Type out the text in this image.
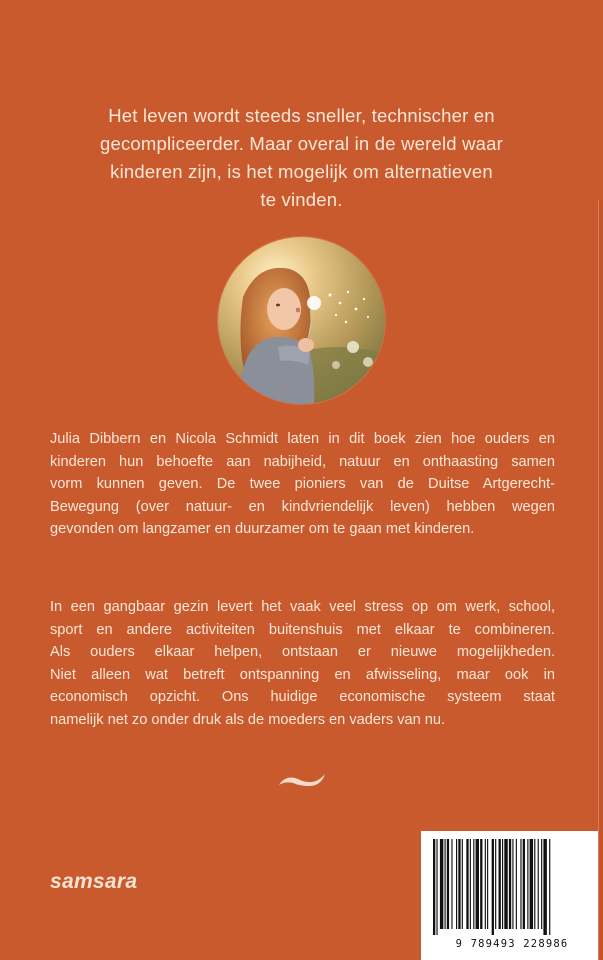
Het leven wordt steeds sneller, technischer en
gecompliceerder. Maar overal in de wereld waar
kinderen zijn, is het mogelijk om alternatieven
te vinden.
Julia Dibbern en Nicola Schmidt laten in dit boek zien hoe ouders en
kinderen hun behoefte aan nabijheid, natuur en onthaasting samen
vorm kunnen geven. De twee pioniers van de Duitse Artgerecht-
Bewegung (over natuur- en kindvriendelijk leven) hebben wegen
gevonden om langzamer en duurzamer om te gaan met kinderen.
In een gangbaar gezin levert het vaak veel stress op om werk, school,
sport en andere activiteiten buitenshuis met elkaar te combineren.
Als ouders elkaar helpen, ontstaan er nieuwe mogelijkheden.
Niet alleen wat betreft ontspanning en afwisseling, maar ook in
economisch opzicht. Ons huidige economische systeem staat
namelijk net zo onder druk als de moeders en vaders van nu.

samsara

9 789493 228986
